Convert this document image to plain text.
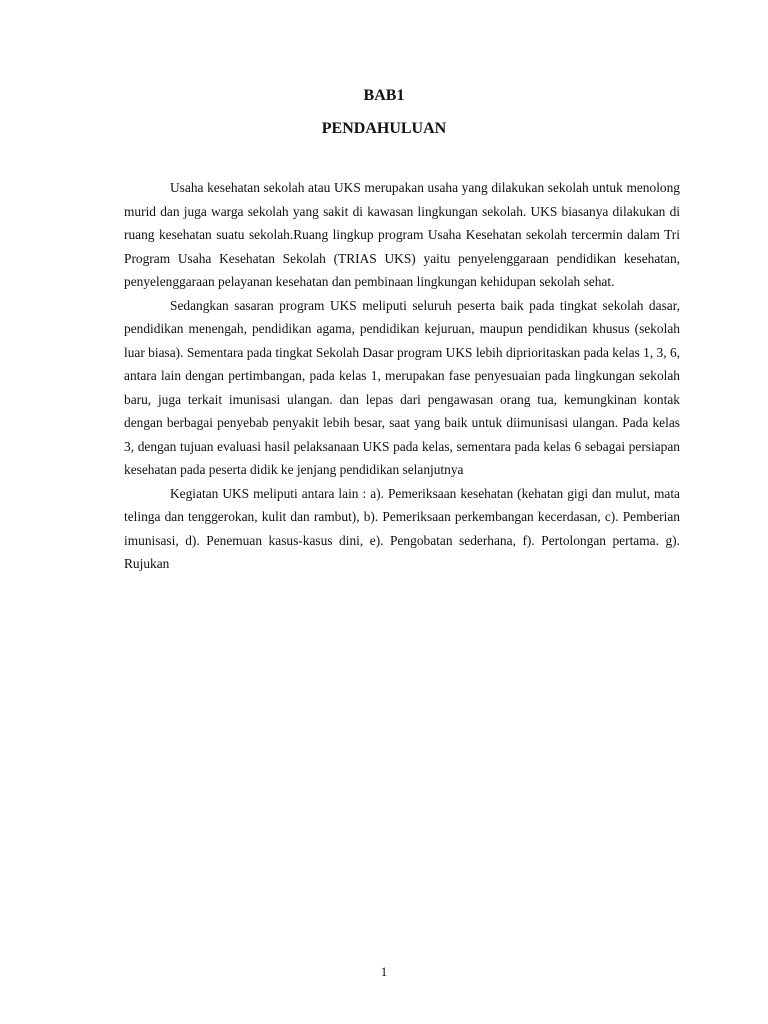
BAB1
PENDAHULUAN

Usaha kesehatan sekolah atau UKS merupakan usaha yang dilakukan sekolah untuk menolong murid dan juga warga sekolah yang sakit di kawasan lingkungan sekolah. UKS biasanya dilakukan di ruang kesehatan suatu sekolah.Ruang lingkup program Usaha Kesehatan sekolah tercermin dalam Tri Program Usaha Kesehatan Sekolah (TRIAS UKS) yaitu penyelenggaraan pendidikan kesehatan, penyelenggaraan pelayanan kesehatan dan pembinaan lingkungan kehidupan sekolah sehat.

Sedangkan sasaran program UKS meliputi seluruh peserta baik pada tingkat sekolah dasar, pendidikan menengah, pendidikan agama, pendidikan kejuruan, maupun pendidikan khusus (sekolah luar biasa). Sementara pada tingkat Sekolah Dasar program UKS lebih diprioritaskan pada kelas 1, 3, 6, antara lain dengan pertimbangan, pada kelas 1, merupakan fase penyesuaian pada lingkungan sekolah baru, juga terkait imunisasi ulangan. dan lepas dari pengawasan orang tua, kemungkinan kontak dengan berbagai penyebab penyakit lebih besar, saat yang baik untuk diimunisasi ulangan. Pada kelas 3, dengan tujuan evaluasi hasil pelaksanaan UKS pada kelas, sementara pada kelas 6 sebagai persiapan kesehatan pada peserta didik ke jenjang pendidikan selanjutnya

Kegiatan UKS meliputi antara lain : a). Pemeriksaan kesehatan (kehatan gigi dan mulut, mata telinga dan tenggerokan, kulit dan rambut), b). Pemeriksaan perkembangan kecerdasan, c). Pemberian imunisasi, d). Penemuan kasus-kasus dini, e). Pengobatan sederhana, f). Pertolongan pertama. g). Rujukan

1
